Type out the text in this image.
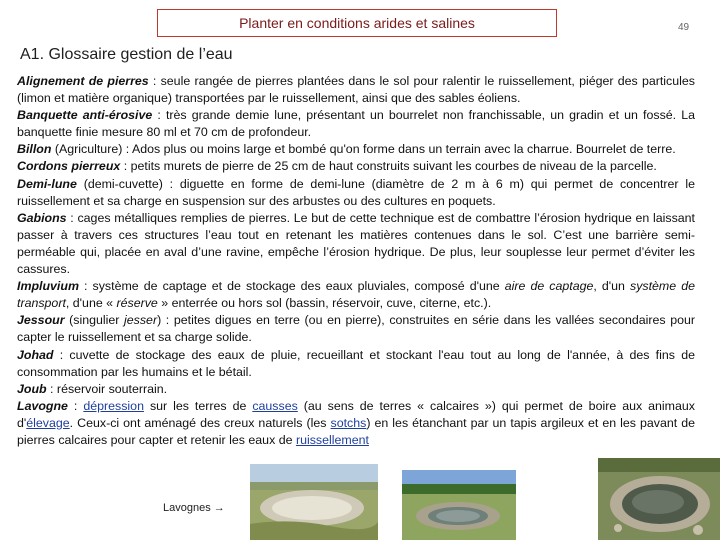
Planter en conditions arides et salines	49
A1. Glossaire gestion de l’eau

Alignement de pierres : seule rangée de pierres plantées dans le sol pour ralentir le ruissellement, piéger des particules (limon et matière organique) transportées par le ruissellement, ainsi que des sables éoliens.

Banquette anti-érosive : très grande demie lune, présentant un bourrelet non franchissable, un gradin et un fossé. La banquette finie mesure 80 ml et 70 cm de profondeur.

Billon (Agriculture) : Ados plus ou moins large et bombé qu'on forme dans un terrain avec la charrue. Bourrelet de terre.

Cordons pierreux : petits murets de pierre de 25 cm de haut construits suivant les courbes de niveau de la parcelle.

Demi-lune (demi-cuvette) : diguette en forme de demi-lune (diamètre de 2 m à 6 m) qui permet de concentrer le ruissellement et sa charge en suspension sur des arbustes ou des cultures en poquets.

Gabions : cages métalliques remplies de pierres. Le but de cette technique est de combattre l’érosion hydrique en laissant passer à travers ces structures l’eau tout en retenant les matières contenues dans le sol. C’est une barrière semi-perméable qui, placée en aval d’une ravine, empêche l’érosion hydrique. De plus, leur souplesse leur permet d’éviter les cassures.

Impluvium : système de captage et de stockage des eaux pluviales, composé d'une aire de captage, d'un système de transport, d'une « réserve » enterrée ou hors sol (bassin, réservoir, cuve, citerne, etc.).

Jessour (singulier jesser) : petites digues en terre (ou en pierre), construites en série dans les vallées secondaires pour capter le ruissellement et sa charge solide.

Johad : cuvette de stockage des eaux de pluie, recueillant et stockant l'eau tout au long de l'année, à des fins de consommation par les humains et le bétail.

Joub : réservoir souterrain.

Lavogne : dépression sur les terres de causses (au sens de terres « calcaires ») qui permet de boire aux animaux d'élevage. Ceux-ci ont aménagé des creux naturels (les sotchs) en les étanchant par un tapis argileux et en les pavant de pierres calcaires pour capter et retenir les eaux de ruissellement

Lavognes →
